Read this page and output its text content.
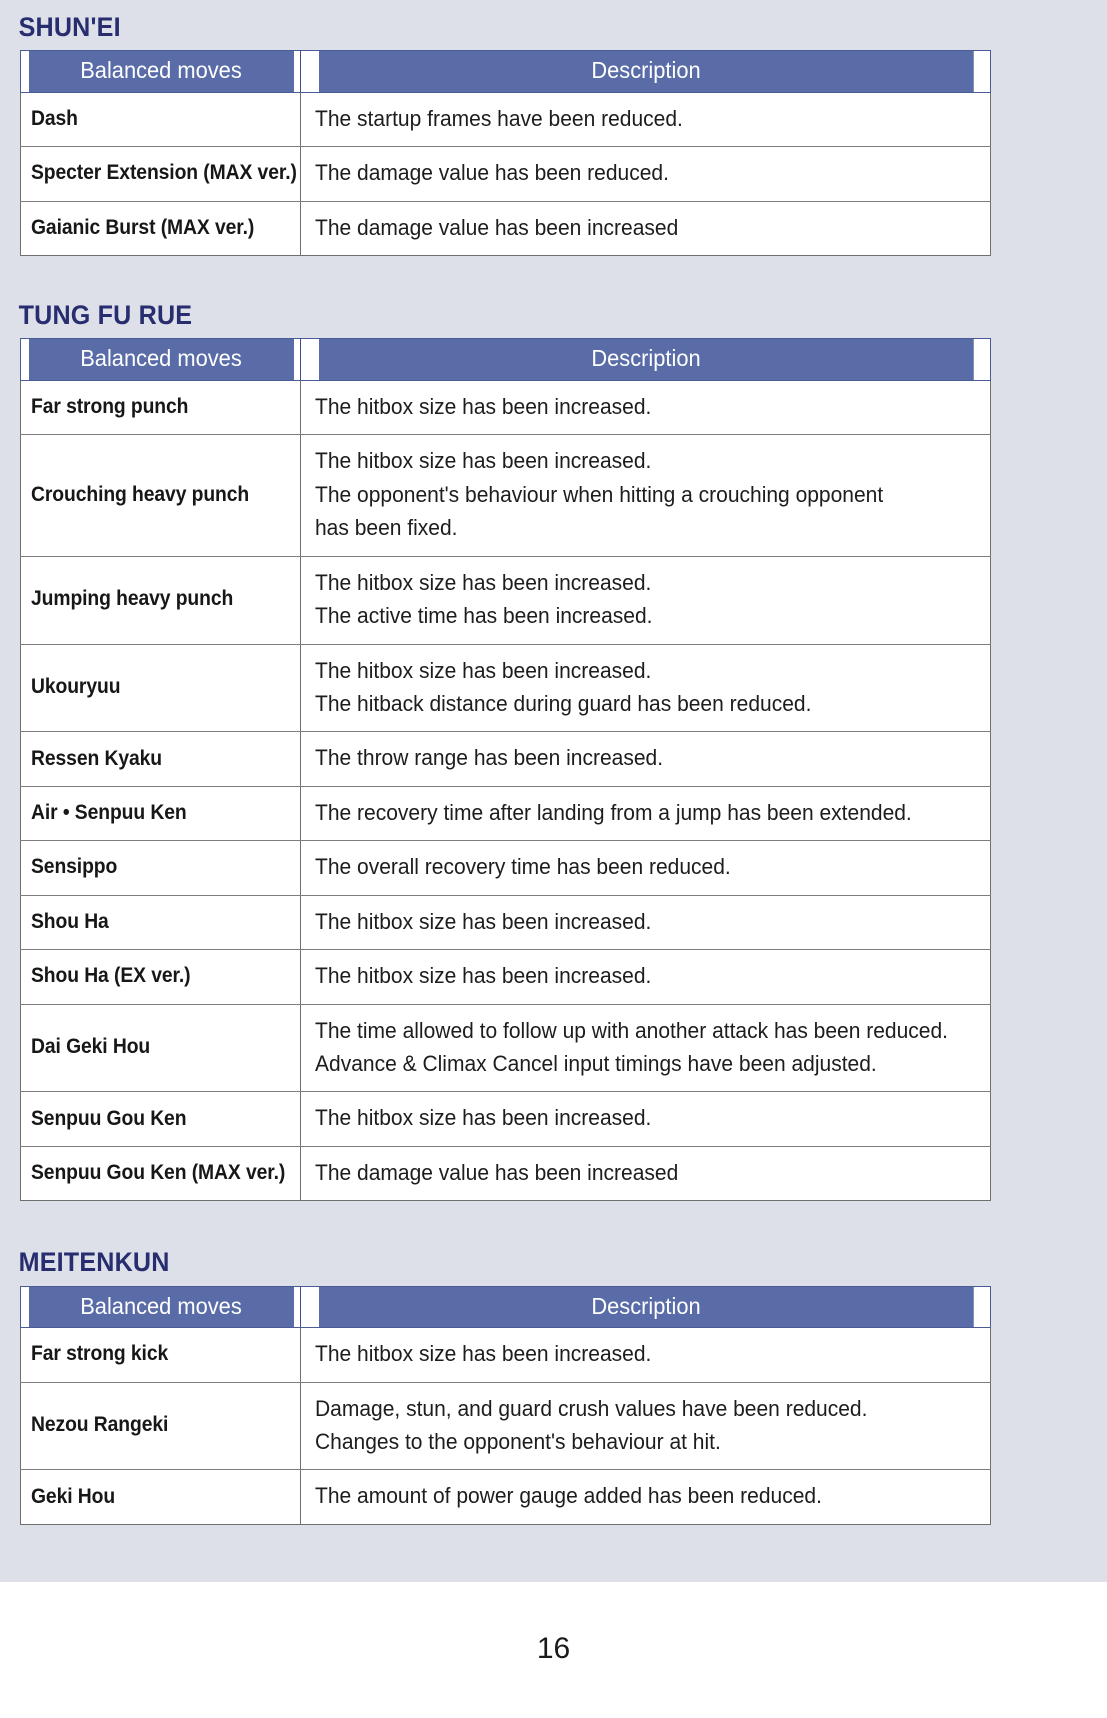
SHUN'EI
Balanced moves	Description
Dash	The startup frames have been reduced.

Specter Extension (MAX ver.)	The damage value has been reduced.

Gaianic Burst (MAX ver.)	The damage value has been increased
TUNG FU RUE
Balanced moves	Description
Far strong punch	The hitbox size has been increased.

Crouching heavy punch	The hitbox size has been increased.
The opponent's behaviour when hitting a crouching opponent
has been fixed.

Jumping heavy punch	The hitbox size has been increased.
The active time has been increased.

Ukouryuu	The hitbox size has been increased.
The hitback distance during guard has been reduced.

Ressen Kyaku	The throw range has been increased.

Air • Senpuu Ken	The recovery time after landing from a jump has been extended.

Sensippo	The overall recovery time has been reduced.

Shou Ha	The hitbox size has been increased.

Shou Ha (EX ver.)	The hitbox size has been increased.

Dai Geki Hou	The time allowed to follow up with another attack has been reduced.
Advance & Climax Cancel input timings have been adjusted.

Senpuu Gou Ken	The hitbox size has been increased.

Senpuu Gou Ken (MAX ver.)	The damage value has been increased
MEITENKUN
Balanced moves	Description
Far strong kick	The hitbox size has been increased.

Nezou Rangeki	Damage, stun, and guard crush values have been reduced.
Changes to the opponent's behaviour at hit.

Geki Hou	The amount of power gauge added has been reduced.
16
